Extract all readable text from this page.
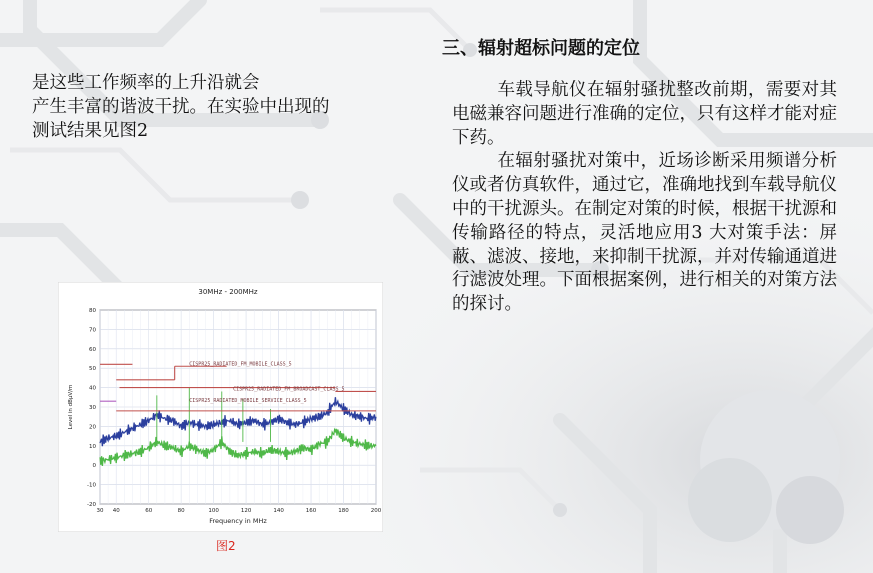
三、辐射超标问题的定位
是这些工作频率的上升沿就会
产生丰富的谐波干扰。在实验中出现的
测试结果见图2

车载导航仪在辐射骚扰整改前期，需要对其电磁兼容问题进行准确的定位，只有这样才能对症下药。

在辐射骚扰对策中，近场诊断采用频谱分析仪或者仿真软件，通过它，准确地找到车载导航仪中的干扰源头。在制定对策的时候，根据干扰源和传输路径的特点，灵活地应用3 大对策手法：屏蔽、滤波、接地，来抑制干扰源，并对传输通道进行滤波处理。下面根据案例，进行相关的对策方法的探讨。

30MHz - 200MHz
80
70
60
50
40
30
20
10
0
-10
-20
30 40	60	80	100	120	140	160	180	200
Frequency in MHz
Level in dBμV/m
CISPR25_RADIATED_FM_MOBILE_CLASS_5
CISPR25_RADIATED_FM_BROADCAST_CLASS_5
CISPR25_RADIATED_MOBILE_SERVICE_CLASS_5
图2
